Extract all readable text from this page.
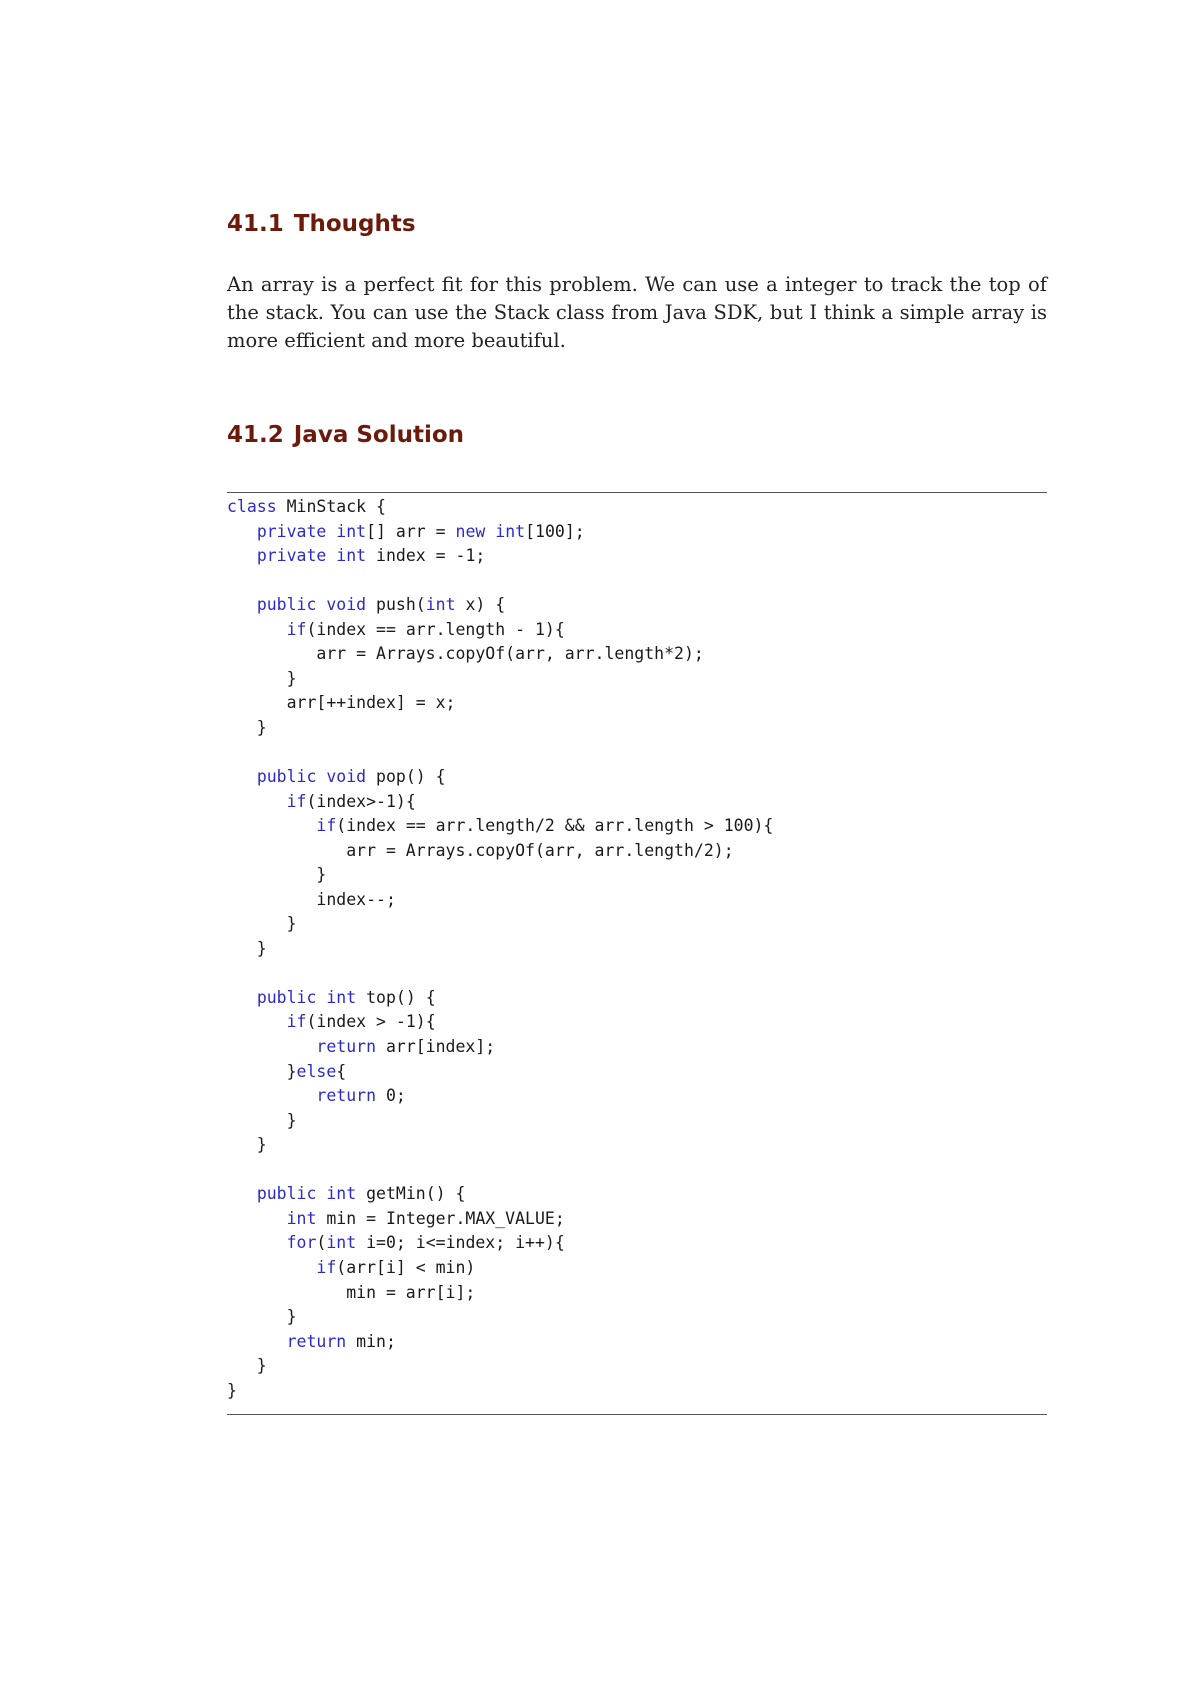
41.1 Thoughts

An array is a perfect fit for this problem. We can use a integer to track the top of the stack. You can use the Stack class from Java SDK, but I think a simple array is more efficient and more beautiful.

41.2 Java Solution
class MinStack {
private int[] arr = new int[100];
private int index = -1;

public void push(int x) {
if(index == arr.length - 1){
arr = Arrays.copyOf(arr, arr.length*2);
}
arr[++index] = x;
}

public void pop() {
if(index>-1){
if(index == arr.length/2 && arr.length > 100){
arr = Arrays.copyOf(arr, arr.length/2);
}
index--;
}
}

public int top() {
if(index > -1){
return arr[index];
}else{
return 0;
}
}

public int getMin() {
int min = Integer.MAX_VALUE;
for(int i=0; i<=index; i++){
if(arr[i] < min)
min = arr[i];
}
return min;
}
}
